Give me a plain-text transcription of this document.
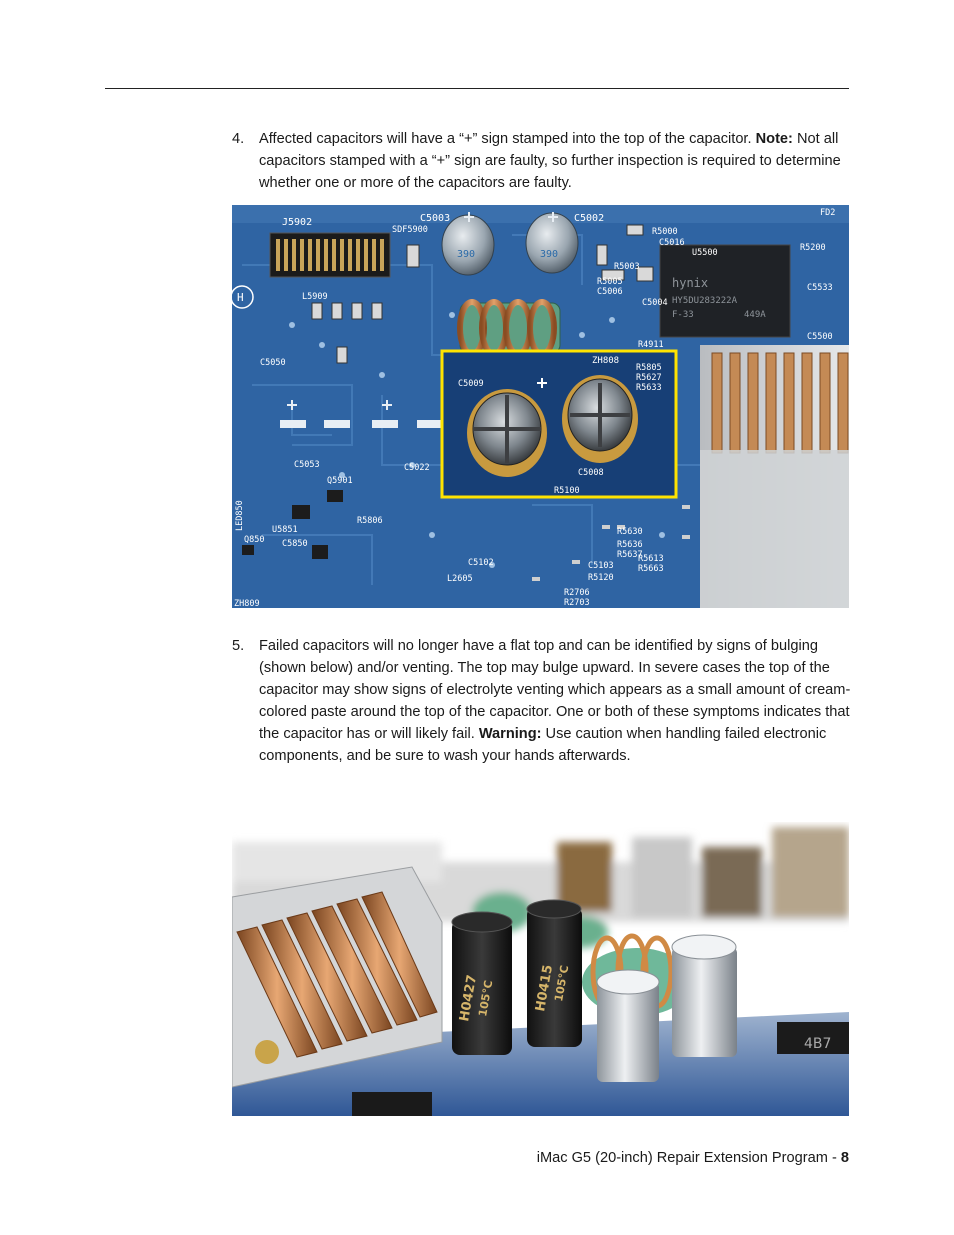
4. Affected capacitors will have a “+” sign stamped into the top of the capacitor. Note: Not all capacitors stamped with a “+” sign are faulty, so further inspection is required to determine whether one or more of the capacitors are faulty.
390	390
hynix
HY5DU283222A
F-33	449A
J5902	C5003	C5002
SDF5900
FD2
R5000
C5016
U5500
R5003
R5005
C5006
C5004
L5909
C5050
C5053	C5022
Q5901
U5851
C5850
Q850
L2605
C5102
R5120
C5103
ZH809
R4911
C5533
C5500
R5200
R5630
R5636
R5637
R5613
R5663
R2706
R2703
LED850	R5806
H
ZH808
C5009
C5008
R5100
R5805
R5627
R5633
5. Failed capacitors will no longer have a flat top and can be identified by signs of bulging (shown below) and/or venting. The top may bulge upward. In severe cases the top of the capacitor may show signs of electrolyte venting which appears as a small amount of cream-colored paste around the top of the capacitor. One or both of these symptoms indicates that the capacitor has or will likely fail. Warning: Use caution when handling failed electronic components, and be sure to wash your hands afterwards.
H0427
105°C	H0415
105°C
4B7
iMac G5 (20-inch) Repair Extension Program - 8
